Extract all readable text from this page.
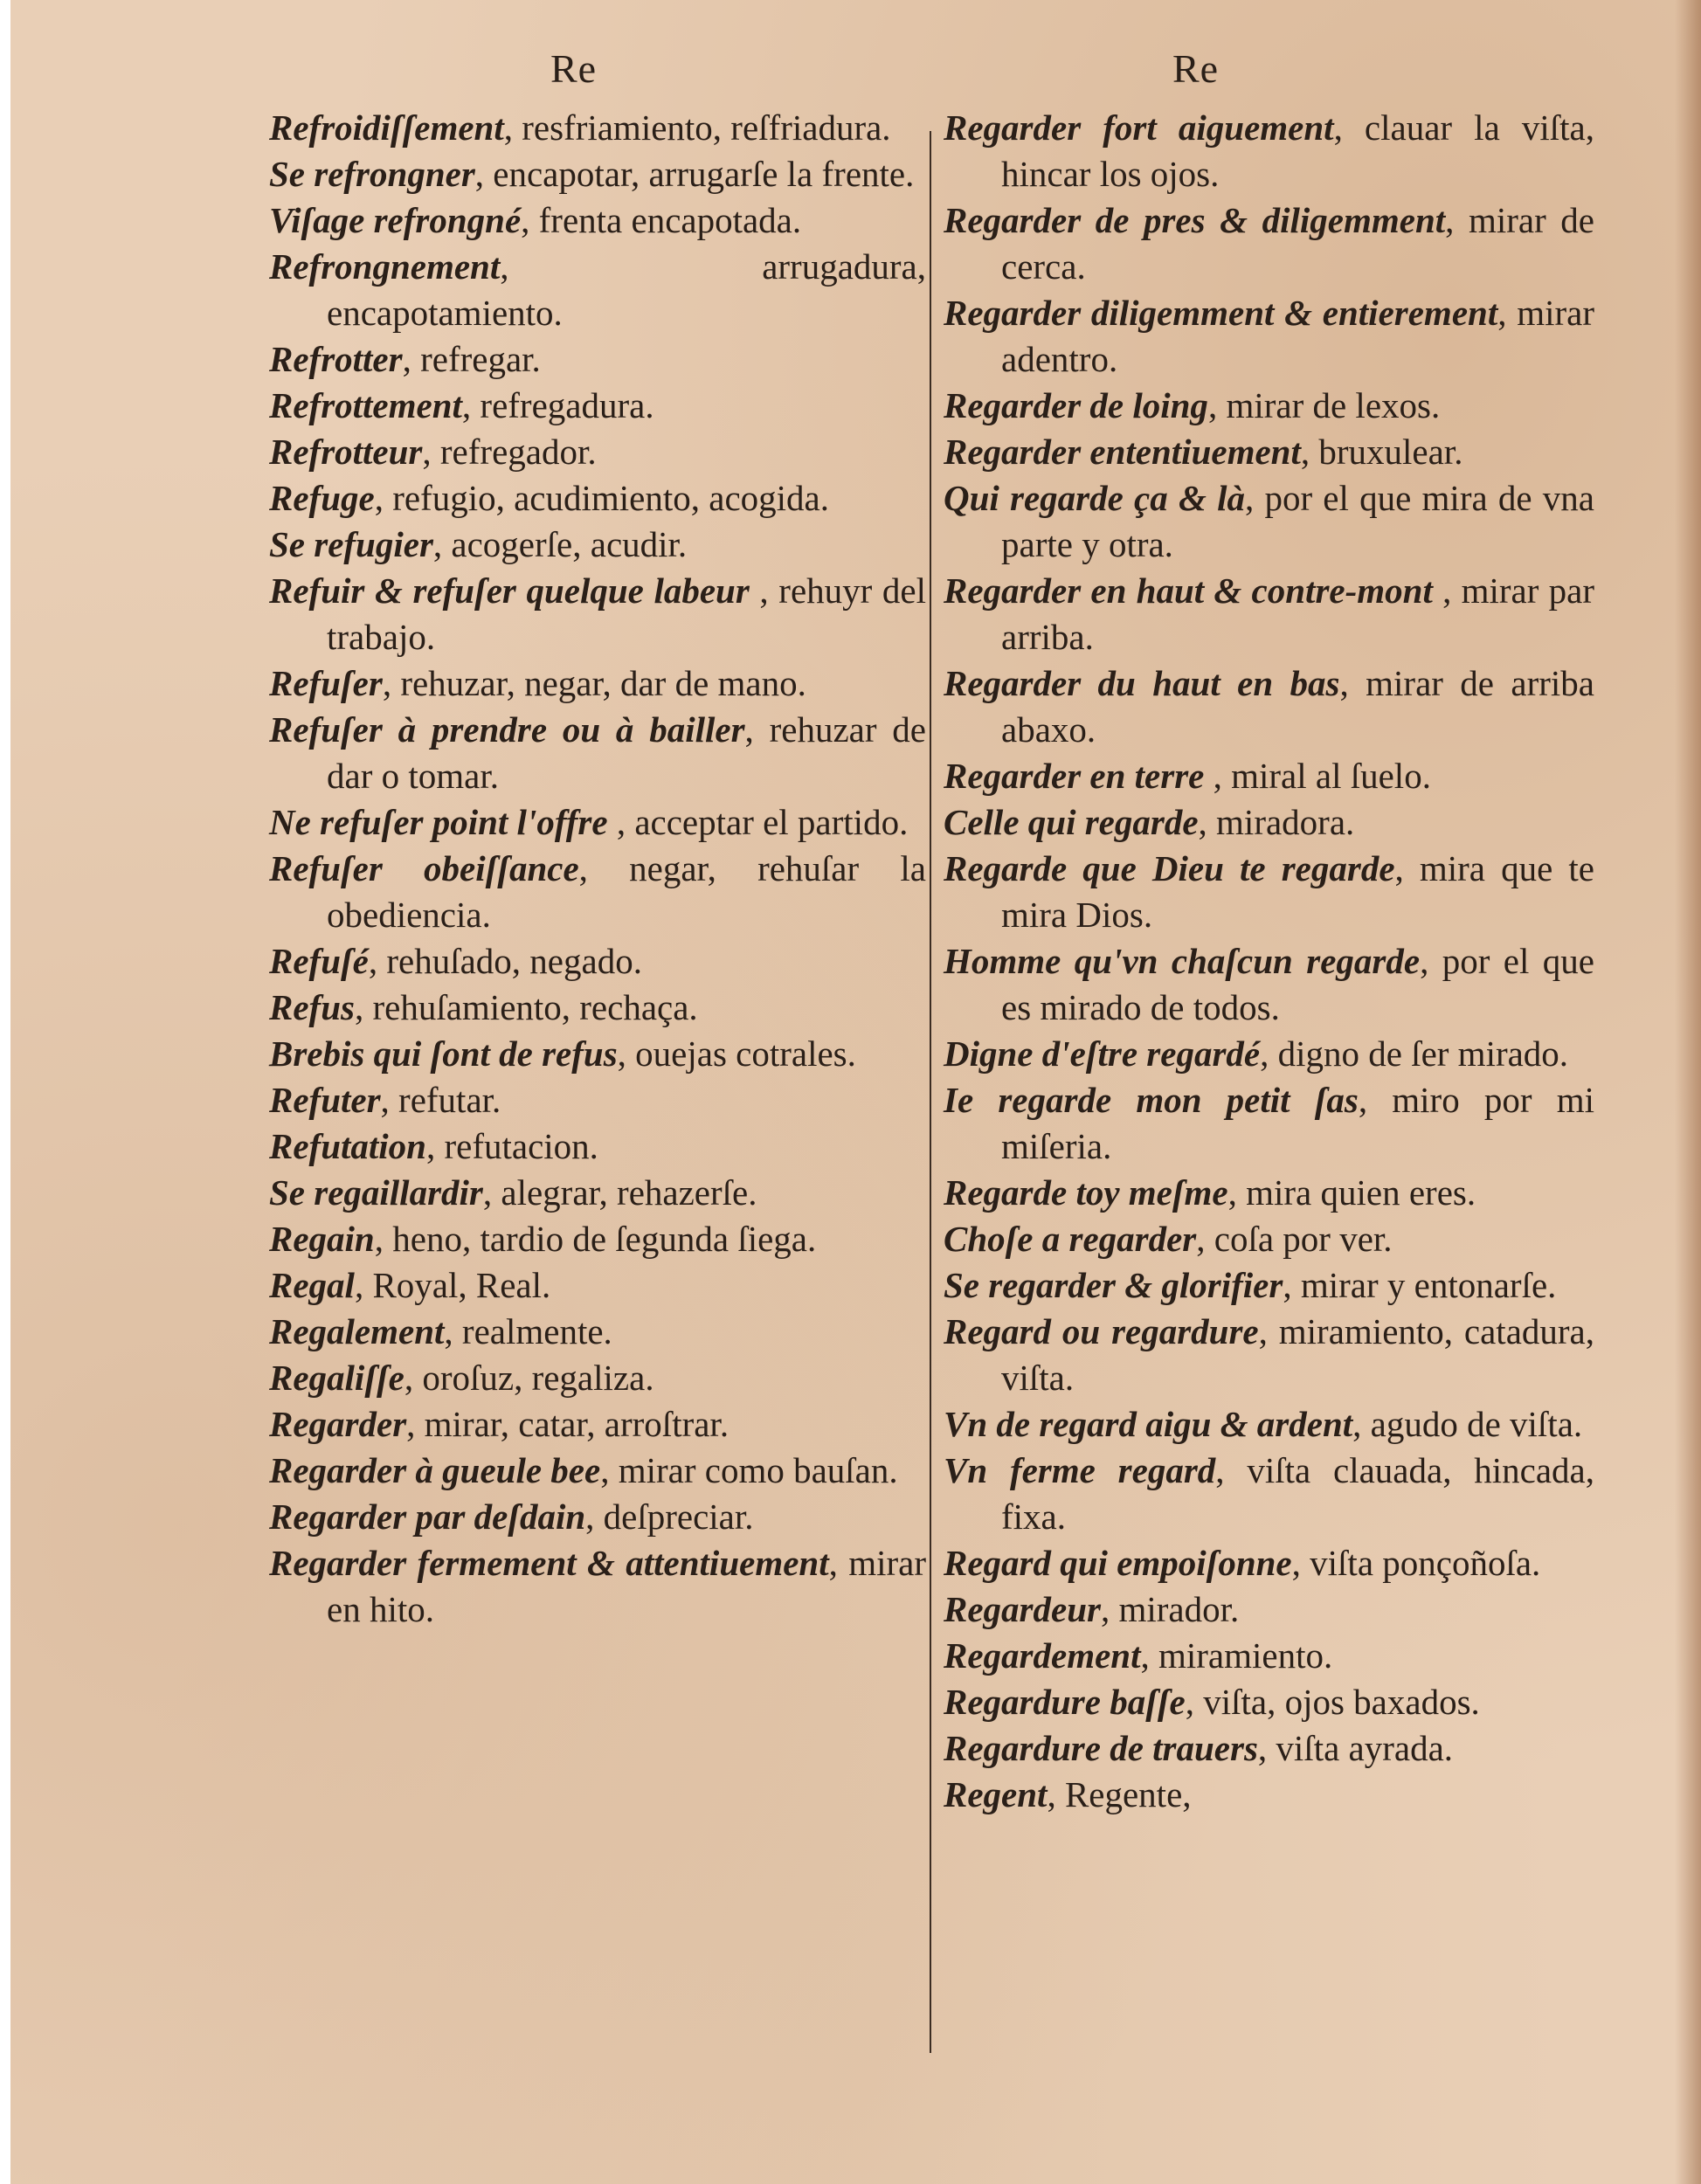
Re	Re

Refroidiſſement, resfriamiento, reſfriadura.

Se refrongner, encapotar, arrugarſe la frente.

Viſage refrongné, frenta encapotada.

Refrongnement, arrugadura, encapotamiento.

Refrotter, refregar.

Refrottement, refregadura.

Refrotteur, refregador.

Refuge, refugio, acudimiento, acogida.

Se refugier, acogerſe, acudir.

Refuir & refuſer quelque labeur , rehuyr del trabajo.

Refuſer, rehuzar, negar, dar de mano.

Refuſer à prendre ou à bailler, rehuzar de dar o tomar.

Ne refuſer point l'offre , acceptar el partido.

Refuſer obeiſſance, negar, rehuſar la obediencia.

Refuſé, rehuſado, negado.

Refus, rehuſamiento, rechaça.

Brebis qui ſont de refus, ouejas cotrales.

Refuter, refutar.

Refutation, refutacion.

Se regaillardir, alegrar, rehazerſe.

Regain, heno, tardio de ſegunda ſiega.

Regal, Royal, Real.

Regalement, realmente.

Regaliſſe, oroſuz, regaliza.

Regarder, mirar, catar, arroſtrar.

Regarder à gueule bee, mirar como bauſan.

Regarder par deſdain, deſpreciar.

Regarder fermement & attentiuement, mirar en hito.

Regarder fort aiguement, clauar la viſta, hincar los ojos.

Regarder de pres & diligemment, mirar de cerca.

Regarder diligemment & entierement, mirar adentro.

Regarder de loing, mirar de lexos.

Regarder ententiuement, bruxulear.

Qui regarde ça & là, por el que mira de vna parte y otra.

Regarder en haut & contre-mont , mirar par arriba.

Regarder du haut en bas, mirar de arriba abaxo.

Regarder en terre , miral al ſuelo.

Celle qui regarde, miradora.

Regarde que Dieu te regarde, mira que te mira Dios.

Homme qu'vn chaſcun regarde, por el que es mirado de todos.

Digne d'eſtre regardé, digno de ſer mirado.

Ie regarde mon petit ſas, miro por mi miſeria.

Regarde toy meſme, mira quien eres.

Choſe a regarder, coſa por ver.

Se regarder & glorifier, mirar y entonarſe.

Regard ou regardure, miramiento, catadura, viſta.

Vn de regard aigu & ardent, agudo de viſta.

Vn ferme regard, viſta clauada, hincada, fixa.

Regard qui empoiſonne, viſta ponçoñoſa.

Regardeur, mirador.

Regardement, miramiento.

Regardure baſſe, viſta, ojos baxados.

Regardure de trauers, viſta ayrada.

Regent, Regente,
